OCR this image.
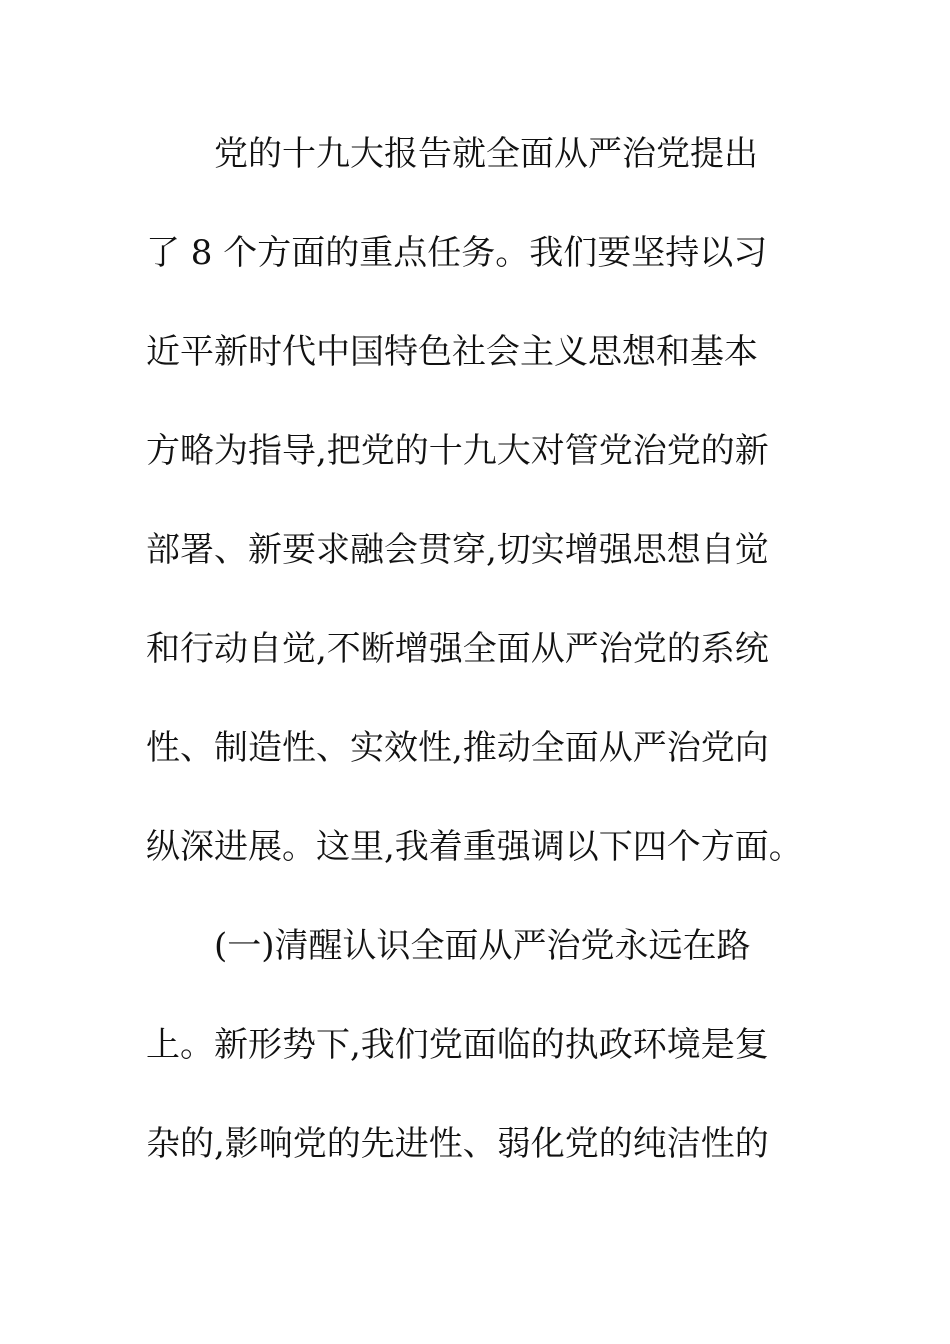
党的十九大报告就全面从严治党提出
了 8 个方面的重点任务。我们要坚持以习
近平新时代中国特色社会主义思想和基本
方略为指导,把党的十九大对管党治党的新
部署、新要求融会贯穿,切实增强思想自觉
和行动自觉,不断增强全面从严治党的系统
性、制造性、实效性,推动全面从严治党向
纵深进展。这里,我着重强调以下四个方面。
(一)清醒认识全面从严治党永远在路
上。新形势下,我们党面临的执政环境是复
杂的,影响党的先进性、弱化党的纯洁性的
